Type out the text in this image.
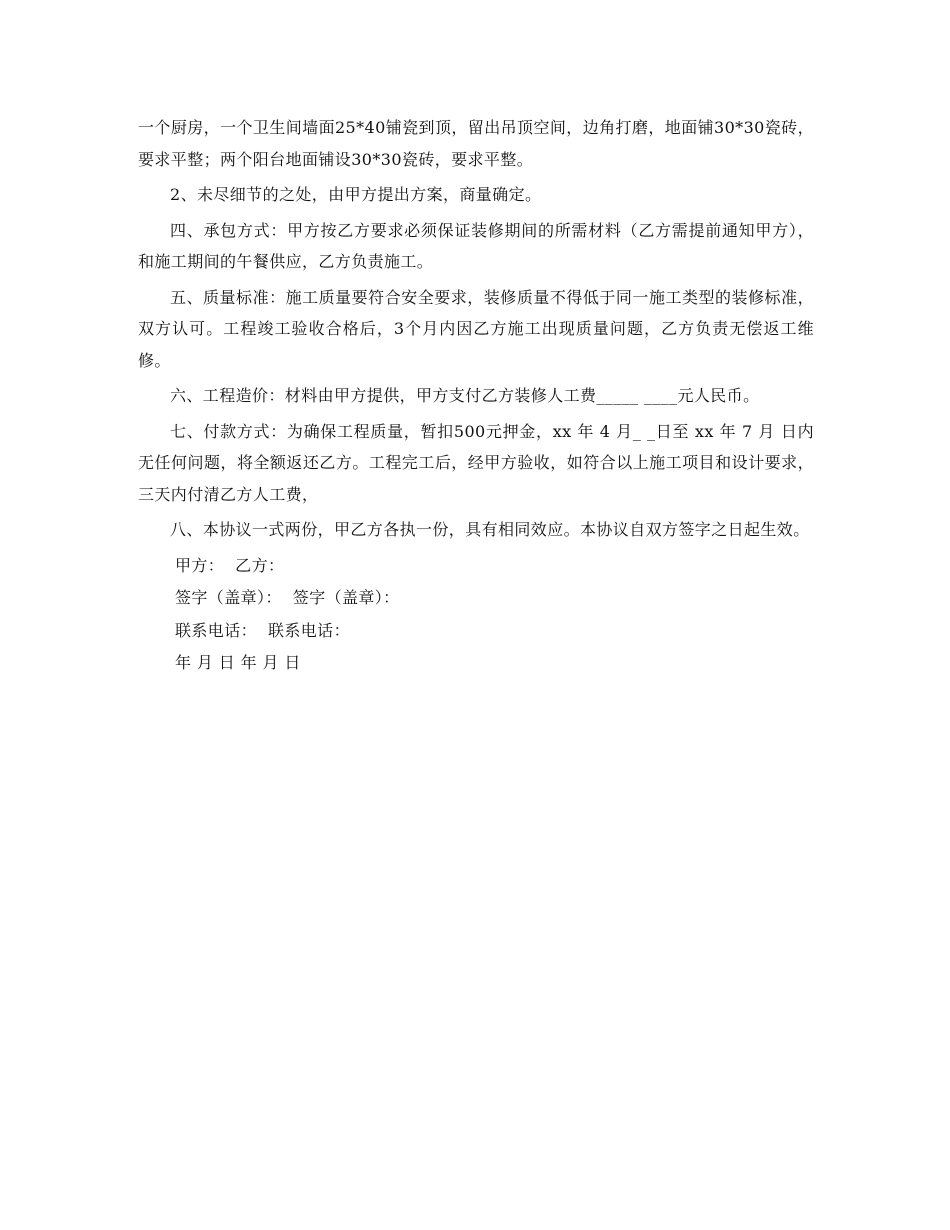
一个厨房，一个卫生间墙面25*40铺瓷到顶，留出吊顶空间，边角打磨，地面铺30*30瓷砖，要求平整；两个阳台地面铺设30*30瓷砖，要求平整。

2、未尽细节的之处，由甲方提出方案，商量确定。

四、承包方式：甲方按乙方要求必须保证装修期间的所需材料（乙方需提前通知甲方），和施工期间的午餐供应，乙方负责施工。

五、质量标准：施工质量要符合安全要求，装修质量不得低于同一施工类型的装修标准，双方认可。工程竣工验收合格后，3个月内因乙方施工出现质量问题，乙方负责无偿返工维修。

六、工程造价：材料由甲方提供，甲方支付乙方装修人工费_____ ____元人民币。

七、付款方式：为确保工程质量，暂扣500元押金，xx 年 4 月_ _日至 xx 年 7 月 日内无任何问题，将全额返还乙方。工程完工后，经甲方验收，如符合以上施工项目和设计要求，三天内付清乙方人工费，

八、本协议一式两份，甲乙方各执一份，具有相同效应。本协议自双方签字之日起生效。

甲方：  乙方：
签字（盖章）：  签字（盖章）：
联系电话：  联系电话：
年 月 日 年 月 日
